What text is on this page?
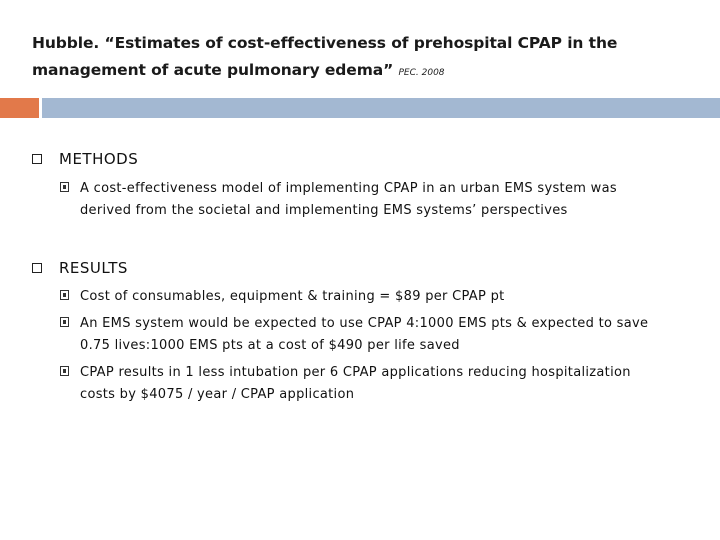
Hubble. “Estimates of cost-effectiveness of prehospital CPAP in the management of acute pulmonary edema” PEC. 2008
METHODS
A cost-effectiveness model of implementing CPAP in an urban EMS system was derived from the societal and implementing EMS systems’ perspectives
RESULTS
Cost of consumables, equipment & training = $89 per CPAP pt
An EMS system would be expected to use CPAP 4:1000 EMS pts & expected to save 0.75 lives:1000 EMS pts at a cost of $490 per life saved
CPAP results in 1 less intubation per 6 CPAP applications reducing hospitalization costs by $4075 / year / CPAP application
